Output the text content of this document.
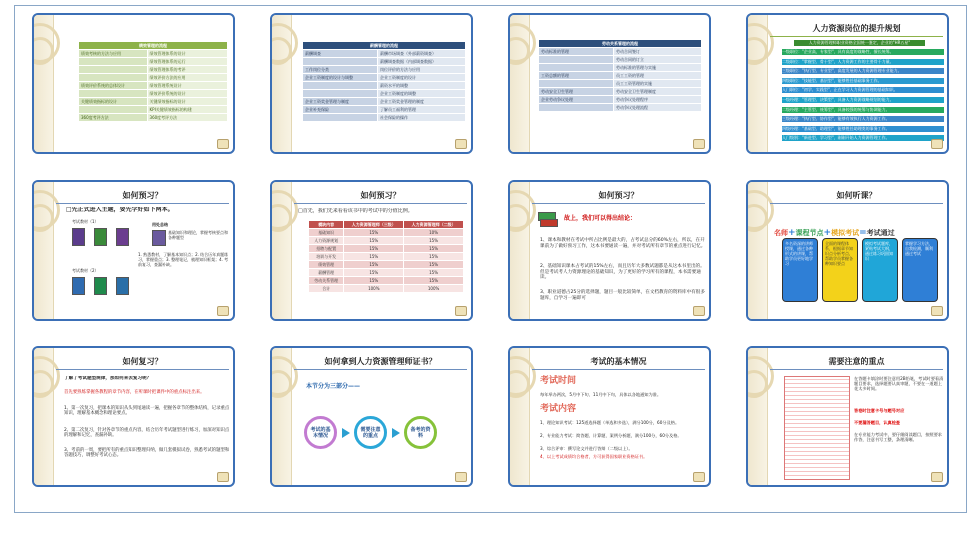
绩效管理的流程	
绩效考核的方法与应用	绩效管理体系的设计
	绩效管理体系的运行
	绩效管理体系的考评
	绩效评价方法的应用
绩效评价系统的总体设计	绩效管理系统设计
	绩效评价系统的设计
关键绩效指标的设计	关键绩效指标的设计
	KPI关键绩效指标的构建
360度考评方法	360度考评方法
薪酬管理的流程	
薪酬调查	薪酬市场调查（外部薪资调查）
	薪酬调查数据（内部调查数据）
工作岗位分类	岗位评价的方法与应用
企业工资制度的设计与调整	企业工资制度的设计
	薪资水平的调整
	企业工资制度的调整
企业工资奖金管理与制度	企业工资奖金管理的制度
企业补充保险	了解员工福利的管理
	社会保险的操作
劳动关系管理的流程	
劳动标准的管理	劳动合同签订
	劳动合同的订立
	劳动标准的管理与实施
工资总额的管理	员工工资的管理
	员工工资管理的实施
劳动安全卫生管理	劳动安全卫生管理制度
企业劳动争议处理	劳动争议处理程序
	劳动争议处理流程
人力资源岗位的提升规划
人力资源管理师职业资格全国统一鉴定，企业的"HR五星"
一级职位："企业高，专家型"，具有高度的战略性，擅长统筹。
二级职位："掌握型、骨干型"，人力资源工作的主要骨干力量。
三级职位："执行型、专业型"，高度发展的人力资源管理专业能力。
四级职位："技能型、基层型"，能够胜任基础事务工作。
入门职位："初学、实践型"，正在学习人力资源管理的基础知识。
一级经理："管理型、决策型"，具备人力资源战略规划的能力。
二级经理："主管型、统筹型"，具备较强的统筹与协调能力。
三级经理："执行型、协作型"，能够有效执行人力资源工作。
四级经理："基础型、助理型"，能够胜任助理类的事务工作。
入门级别："新进型、学习型"，刚刚开始人力资源管理工作。
如何预习？
□先正式进入主题，要先学好如下两本。
考试教材（1）
考试教材（2）
用处总结
基础知识和理论，掌握考核要点和各种题型
1. 熟悉教材，了解基本知识点；2. 结合历年真题练习，掌握重点；3. 整理笔记，梳理知识框架；4. 考前复习，查漏补缺。
如何预习？
□首先，我们先来看看该书中的考试中的分值比例。
模块内容	人力资源管理师（三级）	人力资源管理师（二级）
基础知识	15%	10%
人力资源规划	15%	15%
招聘与配置	15%	15%
培训与开发	15%	15%
绩效管理	15%	15%
薪酬管理	15%	15%
劳动关系管理	15%	15%
合计	100%	100%
如何预习？
故上，我们可以得出结论：
1、课本和教材在考试中所占比例是最大的，占考试总分的60%左右，所以，在开课前为了做好预习工作，这本书要通读一遍，并对考试所有章节的重点进行记忆。
2、基础知识课本占考试的15%左右，而且历年大多数试题都是从这本书里出的。但是考试考人力资源理论的基础知识，为了更好的学习所有的课程，本书需要通读。
3、职业道德占25分的选择题，题目一般比较简单，在文档教育的资料库中有很多题库，自学习一遍即可
如何听课？
名师+课程节点+模拟考试=考试通过
多名资深的讲师授课，通过各种形式的讲课，帮助学员更好地学习
全面的课程体系，根据章节知识点分析考点，帮助学员掌握各种知识要点
模拟考试题库，紧贴考试大纲，通过练习巩固知识
掌握学习方法，自我检测，顺利通过考试
如何复习？
了解了考试题型规律，那如何来去复习呢？
首先要熟练掌握各教程的章节内容，在听课时把课件中的重点标注出来。
1、第一次复习，把课本的知识从头到尾通读一遍，把握各章节的整体结构，记录重点知识，理解基本概念和理论要点。
2、第二次复习，针对各章节的重点内容，结合历年考试题型进行练习，加深对知识点的理解和记忆，查漏补缺。
3、考前的一周，要把所有的重点知识整理归纳，做几套模拟试卷，熟悉考试的题型和答题技巧，调整好考试心态。
如何拿到人力资源管理师证书？
本节分为三部分——
考试的基本情况
需要注意的重点
备考的资料
考试的基本情况
考试时间
每年举办两次，5月中下旬、11月中下旬，具体以各地通知为准。
考试内容
1、理论知识考试：125道选择题（单选和多选），满分100分，60分及格。
2、专业能力考试：简答题、计算题、案例分析题，满分100分，60分及格。
3、综合评审：撰写论文并进行答辩（二级以上）。
4、以上考试成绩均合格者，方可获得国家职业资格证书。
需要注意的重点
在答题卡填涂时要注意用2B铅笔，考试时要看清题目要求，选择题要认真审题，不要在一道题上花太多时间。
答卷时注意卡号与题号对应
不要漏答题目，认真检查
在专业能力考试中，要仔细阅读题目，按照要求作答，注意书写工整，条理清晰。
